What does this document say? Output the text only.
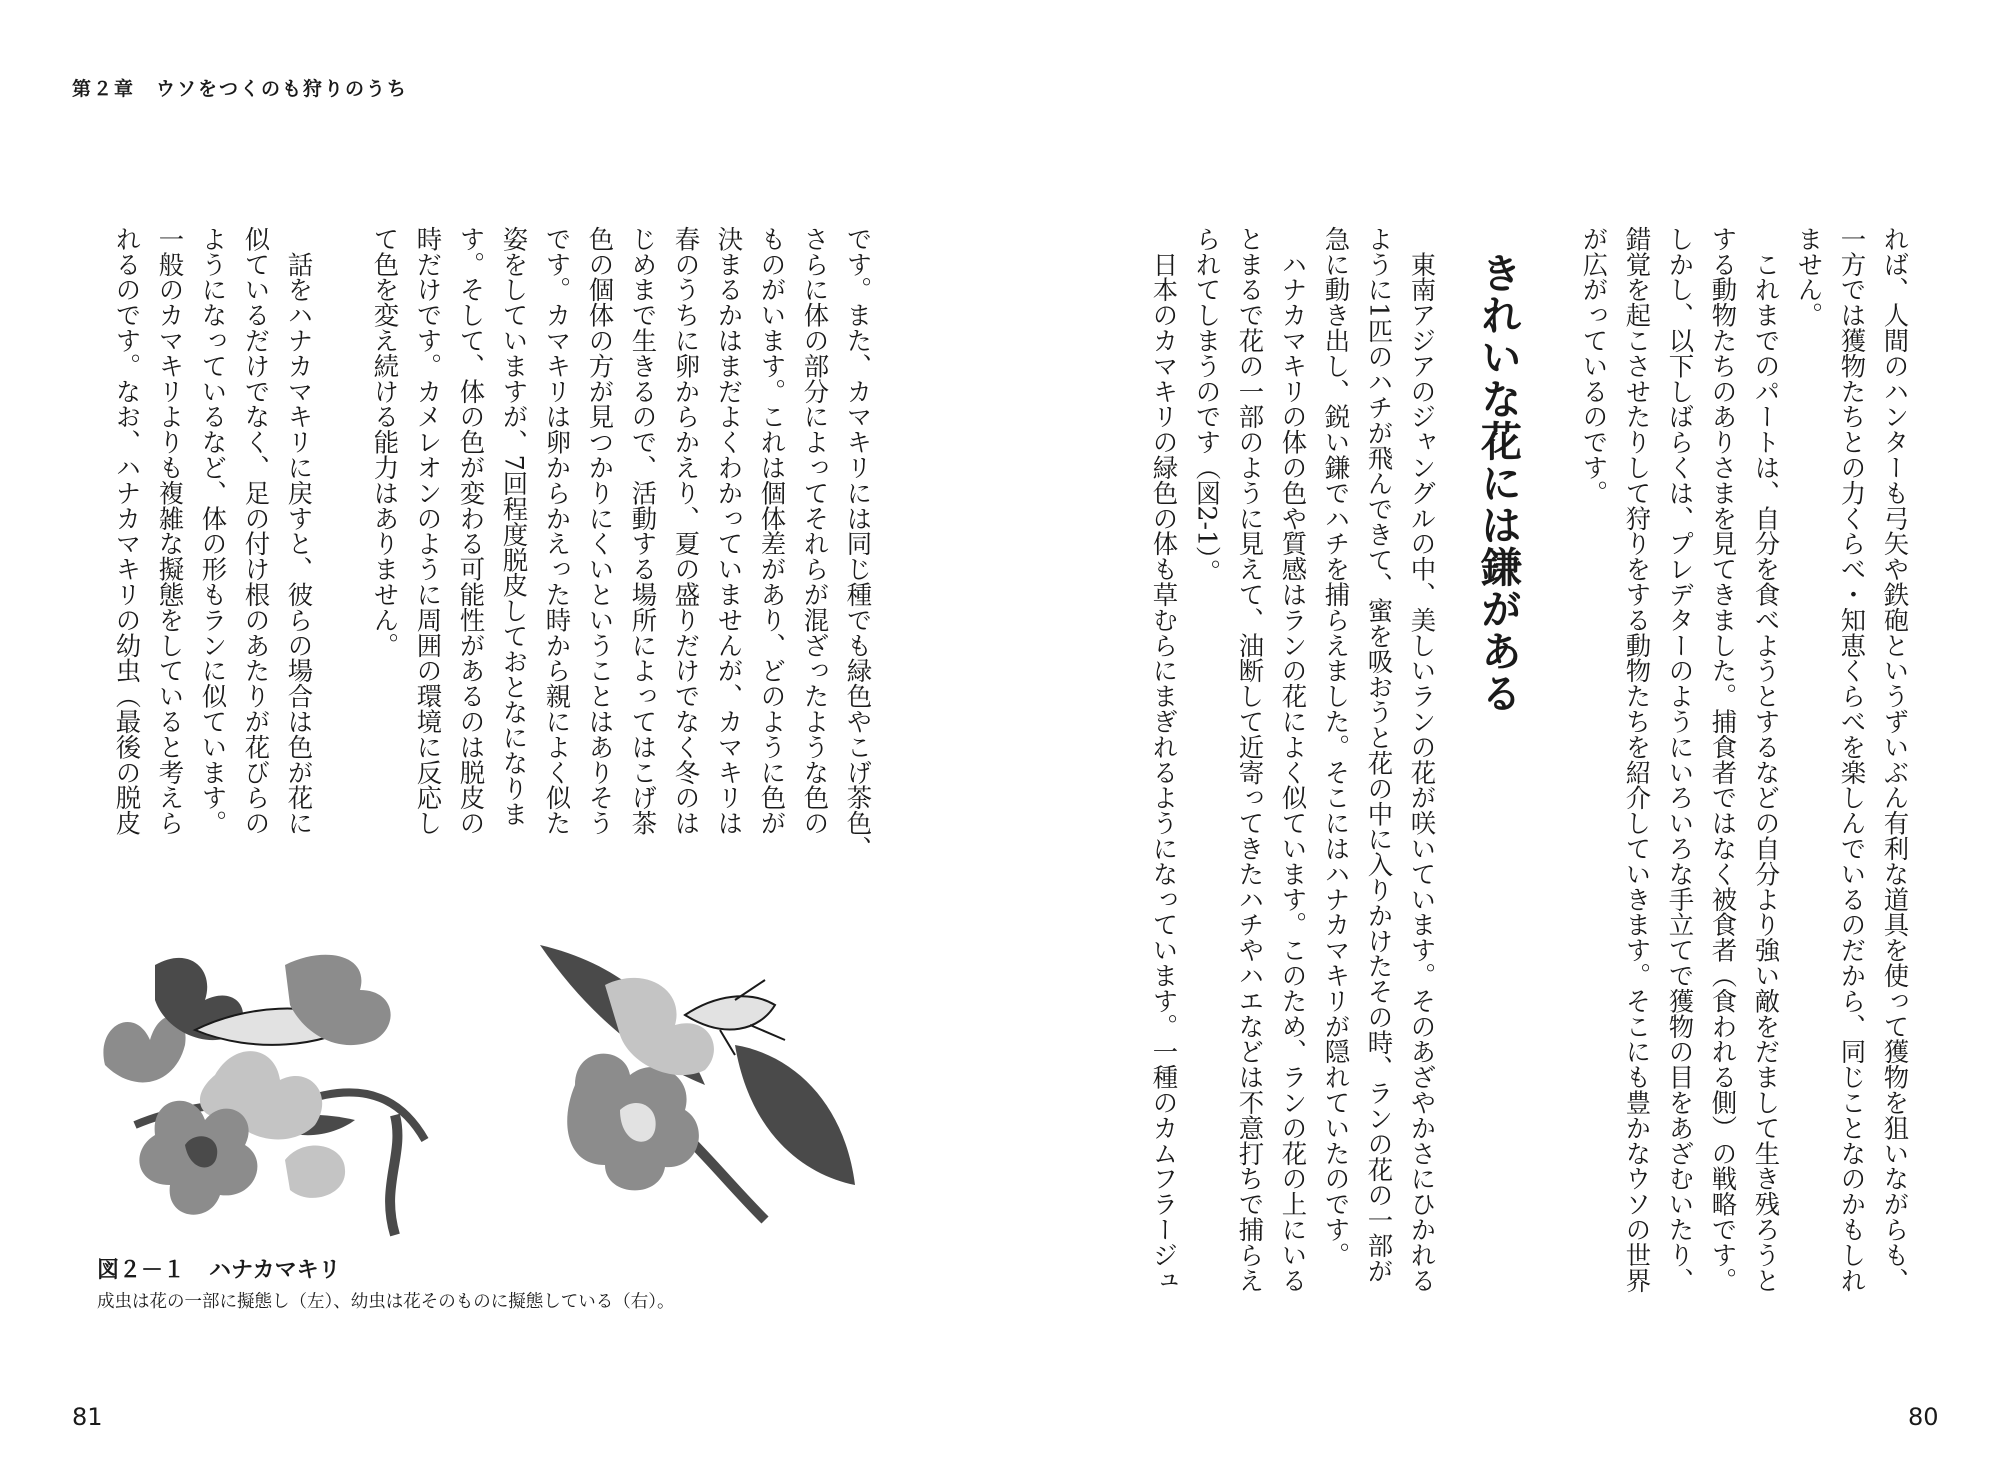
第２章　ウソをつくのも狩りのうち
れば、人間のハンターも弓矢や鉄砲というずいぶん有利な道具を使って獲物を狙いながらも、
一方では獲物たちとの力くらべ・知恵くらべを楽しんでいるのだから、同じことなのかもしれ
ません。
　これまでのパートは、自分を食べようとするなどの自分より強い敵をだまして生き残ろうと
する動物たちのありさまを見てきました。捕食者ではなく被食者（食われる側）の戦略です。
しかし、以下しばらくは、プレデターのようにいろいろな手立てで獲物の目をあざむいたり、
錯覚を起こさせたりして狩りをする動物たちを紹介していきます。そこにも豊かなウソの世界
が広がっているのです。
きれいな花には鎌がある
　東南アジアのジャングルの中、美しいランの花が咲いています。そのあざやかさにひかれる
ように1匹のハチが飛んできて、蜜を吸おうと花の中に入りかけたその時、ランの花の一部が
急に動き出し、鋭い鎌でハチを捕らえました。そこにはハナカマキリが隠れていたのです。
　ハナカマキリの体の色や質感はランの花によく似ています。このため、ランの花の上にいる
とまるで花の一部のように見えて、油断して近寄ってきたハチやハエなどは不意打ちで捕らえ
られてしまうのです（図2-1）。
　日本のカマキリの緑色の体も草むらにまぎれるようになっています。一種のカムフラージュ
です。また、カマキリには同じ種でも緑色やこげ茶色、
さらに体の部分によってそれらが混ざったような色の
ものがいます。これは個体差があり、どのように色が
決まるかはまだよくわかっていませんが、カマキリは
春のうちに卵からかえり、夏の盛りだけでなく冬のは
じめまで生きるので、活動する場所によってはこげ茶
色の個体の方が見つかりにくいということはありそう
です。カマキリは卵からかえった時から親によく似た
姿をしていますが、7回程度脱皮しておとなになりま
す。そして、体の色が変わる可能性があるのは脱皮の
時だけです。カメレオンのように周囲の環境に反応し
て色を変え続ける能力はありません。
　話をハナカマキリに戻すと、彼らの場合は色が花に
似ているだけでなく、足の付け根のあたりが花びらの
ようになっているなど、体の形もランに似ています。
一般のカマキリよりも複雑な擬態をしていると考えら
れるのです。なお、ハナカマキリの幼虫（最後の脱皮
図２－１ ハナカマキリ
成虫は花の一部に擬態し（左）、幼虫は花そのものに擬態している（右）。
81	80
